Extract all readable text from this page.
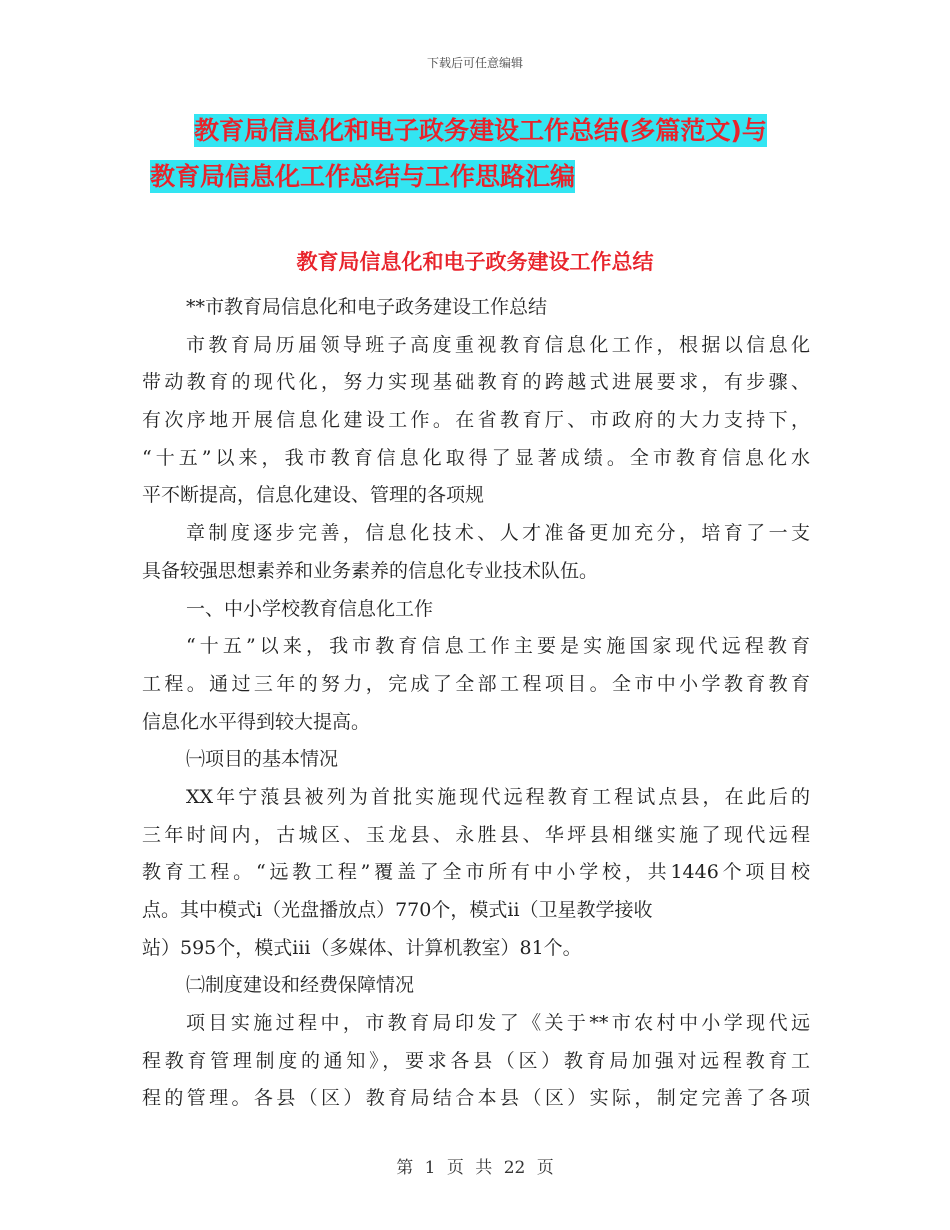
下载后可任意编辑
教育局信息化和电子政务建设工作总结(多篇范文)与
教育局信息化工作总结与工作思路汇编
教育局信息化和电子政务建设工作总结
**市教育局信息化和电子政务建设工作总结
市教育局历届领导班子高度重视教育信息化工作，根据以信息化
带动教育的现代化，努力实现基础教育的跨越式进展要求，有步骤、
有次序地开展信息化建设工作。在省教育厅、市政府的大力支持下，
“十五”以来，我市教育信息化取得了显著成绩。全市教育信息化水
平不断提高，信息化建设、管理的各项规
章制度逐步完善，信息化技术、人才准备更加充分，培育了一支
具备较强思想素养和业务素养的信息化专业技术队伍。
一、中小学校教育信息化工作
“十五”以来，我市教育信息工作主要是实施国家现代远程教育
工程。通过三年的努力，完成了全部工程项目。全市中小学教育教育
信息化水平得到较大提高。
㈠项目的基本情况
XX年宁蒗县被列为首批实施现代远程教育工程试点县，在此后的
三年时间内，古城区、玉龙县、永胜县、华坪县相继实施了现代远程
教育工程。“远教工程”覆盖了全市所有中小学校，共1446个项目校
点。其中模式ⅰ（光盘播放点）770个，模式ⅱ（卫星教学接收
站）595个，模式ⅲ（多媒体、计算机教室）81个。
㈡制度建设和经费保障情况
项目实施过程中，市教育局印发了《关于**市农村中小学现代远
程教育管理制度的通知》，要求各县（区）教育局加强对远程教育工
程的管理。各县（区）教育局结合本县（区）实际，制定完善了各项
第 1 页 共 22 页
